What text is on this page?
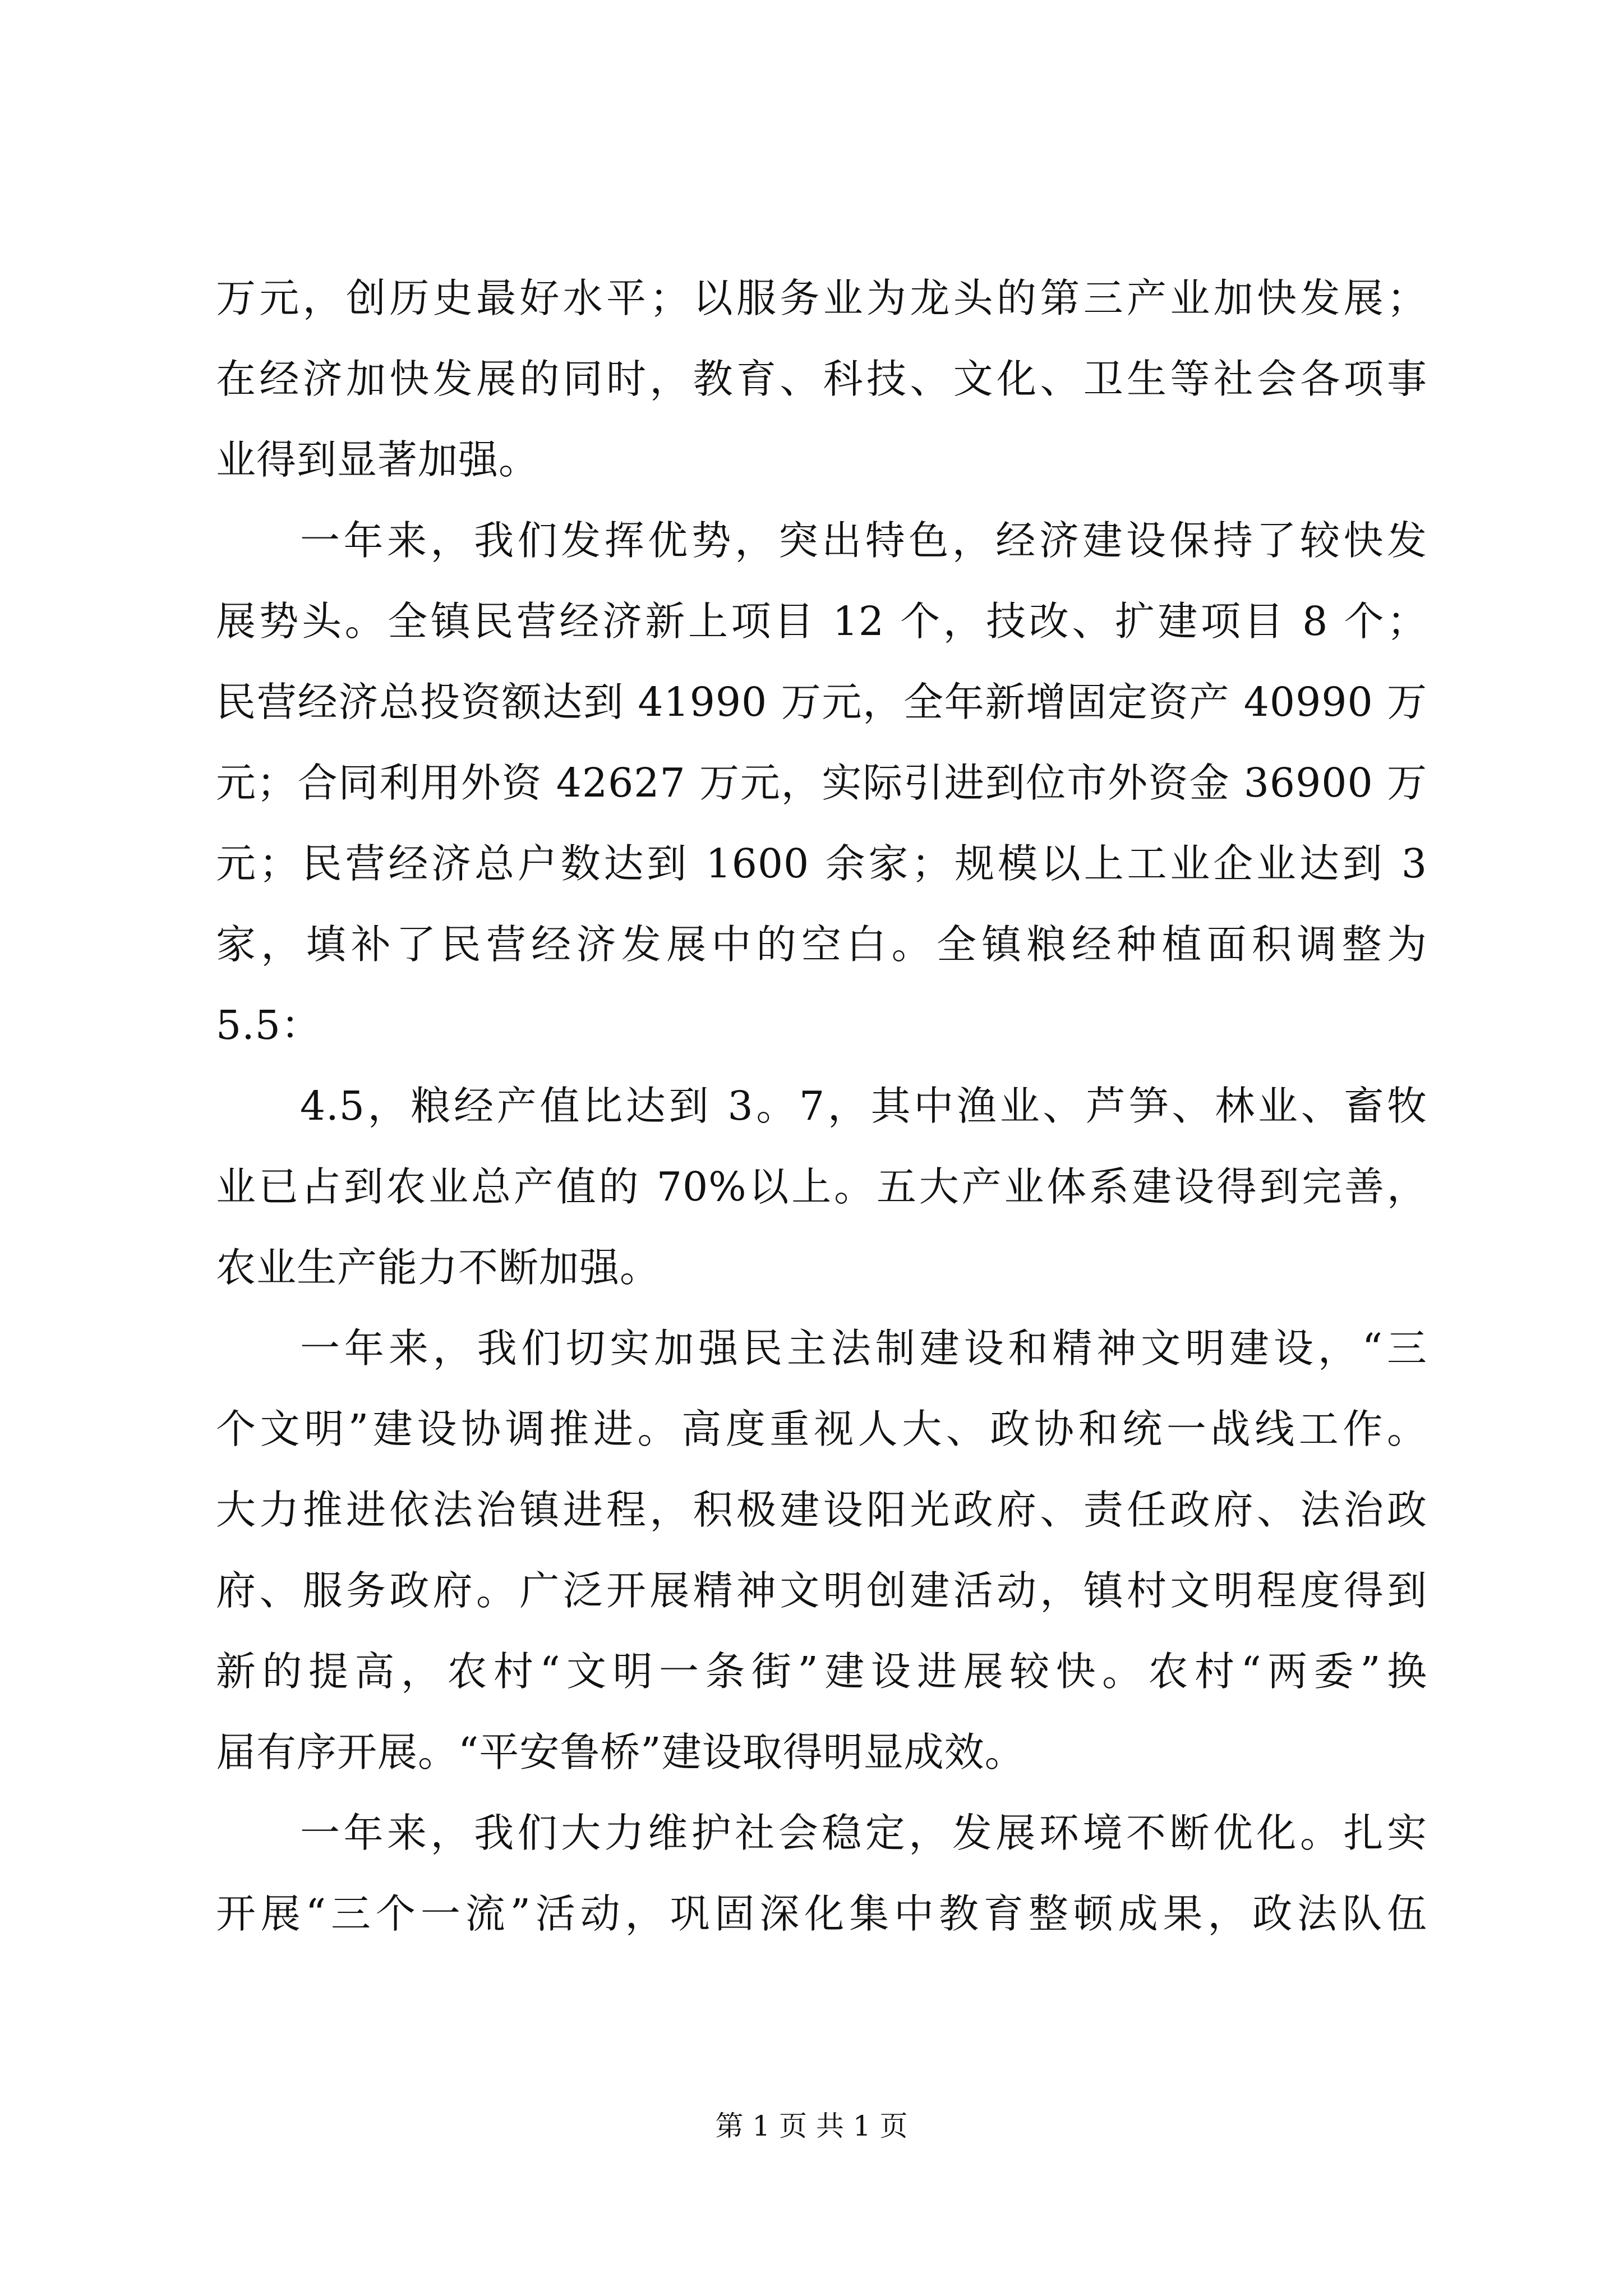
万元，创历史最好水平；以服务业为龙头的第三产业加快发展；
在经济加快发展的同时，教育、科技、文化、卫生等社会各项事
业得到显著加强。
一年来，我们发挥优势，突出特色，经济建设保持了较快发
展势头。全镇民营经济新上项目 12 个，技改、扩建项目 8 个；
民营经济总投资额达到 41990 万元，全年新增固定资产 40990 万
元；合同利用外资 42627 万元，实际引进到位市外资金 36900 万
元；民营经济总户数达到 1600 余家；规模以上工业企业达到 3
家，填补了民营经济发展中的空白。全镇粮经种植面积调整为
5.5：
4.5，粮经产值比达到 3。7，其中渔业、芦笋、林业、畜牧
业已占到农业总产值的 70%以上。五大产业体系建设得到完善，
农业生产能力不断加强。
一年来，我们切实加强民主法制建设和精神文明建设，“三
个文明”建设协调推进。高度重视人大、政协和统一战线工作。
大力推进依法治镇进程，积极建设阳光政府、责任政府、法治政
府、服务政府。广泛开展精神文明创建活动，镇村文明程度得到
新的提高，农村“文明一条街”建设进展较快。农村“两委”换
届有序开展。“平安鲁桥”建设取得明显成效。
一年来，我们大力维护社会稳定，发展环境不断优化。扎实
开展“三个一流”活动，巩固深化集中教育整顿成果，政法队伍
第 1 页 共 1 页
